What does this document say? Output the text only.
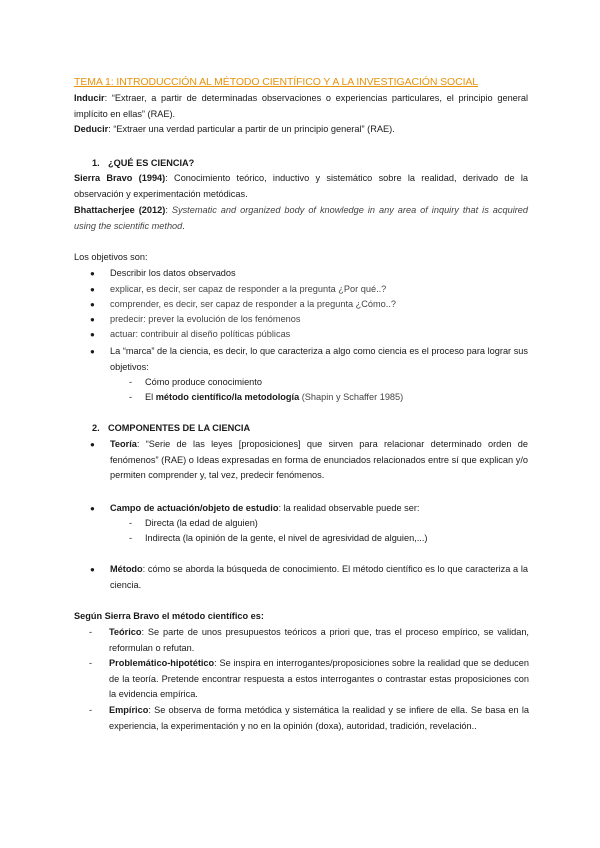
TEMA 1: INTRODUCCIÓN AL MÉTODO CIENTÍFICO Y A LA INVESTIGACIÓN SOCIAL
Inducir: “Extraer, a partir de determinadas observaciones o experiencias particulares, el principio general implícito en ellas” (RAE).
Deducir: “Extraer una verdad particular a partir de un principio general” (RAE).
1. ¿QUÉ ES CIENCIA?
Sierra Bravo (1994): Conocimiento teórico, inductivo y sistemático sobre la realidad, derivado de la observación y experimentación metódicas.
Bhattacherjee (2012): Systematic and organized body of knowledge in any area of inquiry that is acquired using the scientific method.
Los objetivos son:
● Describir los datos observados
● explicar, es decir, ser capaz de responder a la pregunta ¿Por qué..?
● comprender, es decir, ser capaz de responder a la pregunta ¿Cómo..?
● predecir: prever la evolución de los fenómenos
● actuar: contribuir al diseño políticas públicas
● La “marca” de la ciencia, es decir, lo que caracteriza a algo como ciencia es el proceso para lograr sus objetivos:
- Cómo produce conocimiento
- El método científico/la metodología (Shapin y Schaffer 1985)
2. COMPONENTES DE LA CIENCIA
● Teoría: “Serie de las leyes [proposiciones] que sirven para relacionar determinado orden de fenómenos” (RAE) o Ideas expresadas en forma de enunciados relacionados entre sí que explican y/o permiten comprender y, tal vez, predecir fenómenos.
● Campo de actuación/objeto de estudio: la realidad observable puede ser:
- Directa (la edad de alguien)
- Indirecta (la opinión de la gente, el nivel de agresividad de alguien,...)
● Método: cómo se aborda la búsqueda de conocimiento. El método científico es lo que caracteriza a la ciencia.
Según Sierra Bravo el método científico es:
- Teórico: Se parte de unos presupuestos teóricos a priori que, tras el proceso empírico, se validan, reformulan o refutan.
- Problemático-hipotético: Se inspira en interrogantes/proposiciones sobre la realidad que se deducen de la teoría. Pretende encontrar respuesta a estos interrogantes o contrastar estas proposiciones con la evidencia empírica.
- Empírico: Se observa de forma metódica y sistemática la realidad y se infiere de ella. Se basa en la experiencia, la experimentación y no en la opinión (doxa), autoridad, tradición, revelación..
